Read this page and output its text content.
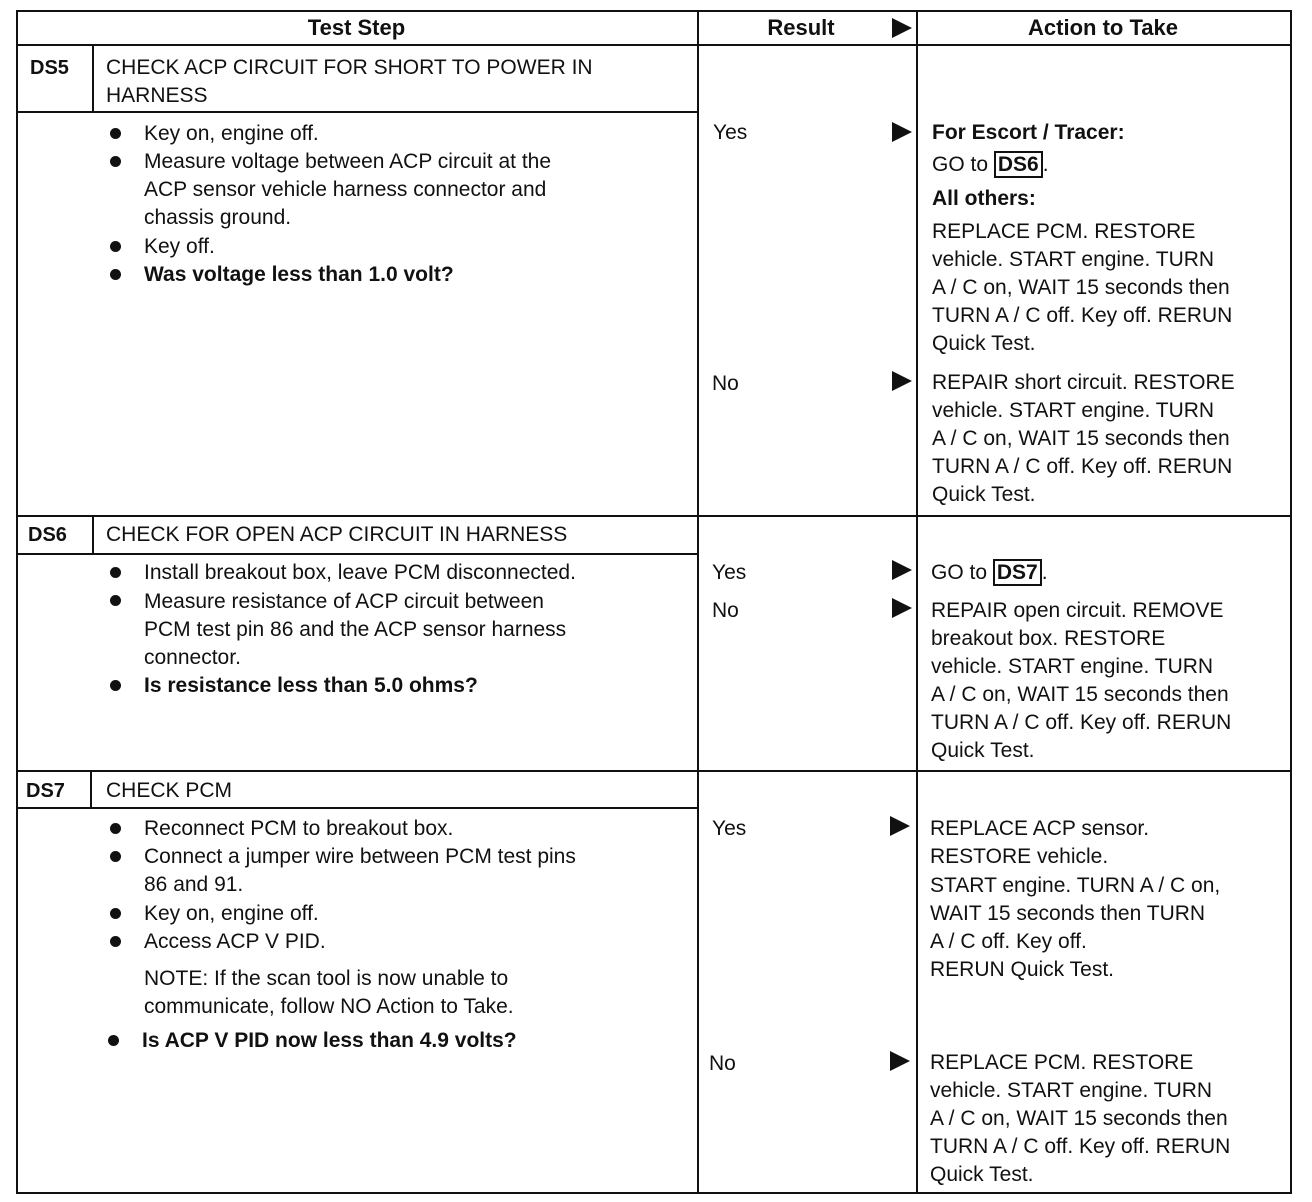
Test Step	Result	Action to Take
DS5 CHECK ACP CIRCUIT FOR SHORT TO POWER IN
HARNESS
Key on, engine off.
Measure voltage between ACP circuit at the
ACP sensor vehicle harness connector and
chassis ground.
Key off.
Was voltage less than 1.0 volt?
Yes	For Escort / Tracer:
GO to DS6 .
All others:
REPLACE PCM. RESTORE
vehicle. START engine. TURN
A / C on, WAIT 15 seconds then
TURN A / C off. Key off. RERUN
Quick Test.
No	REPAIR short circuit. RESTORE
vehicle. START engine. TURN
A / C on, WAIT 15 seconds then
TURN A / C off. Key off. RERUN
Quick Test.
DS6 CHECK FOR OPEN ACP CIRCUIT IN HARNESS
Install breakout box, leave PCM disconnected.
Measure resistance of ACP circuit between
PCM test pin 86 and the ACP sensor harness
connector.
Is resistance less than 5.0 ohms?
Yes	GO to DS7 .
No	REPAIR open circuit. REMOVE
breakout box. RESTORE
vehicle. START engine. TURN
A / C on, WAIT 15 seconds then
TURN A / C off. Key off. RERUN
Quick Test.
DS7 CHECK PCM
Reconnect PCM to breakout box.
Connect a jumper wire between PCM test pins
86 and 91.
Key on, engine off.
Access ACP V PID.
NOTE: If the scan tool is now unable to
communicate, follow NO Action to Take.
Is ACP V PID now less than 4.9 volts?
Yes	REPLACE ACP sensor.
RESTORE vehicle.
START engine. TURN A / C on,
WAIT 15 seconds then TURN
A / C off. Key off.
RERUN Quick Test.
No	REPLACE PCM. RESTORE
vehicle. START engine. TURN
A / C on, WAIT 15 seconds then
TURN A / C off. Key off. RERUN
Quick Test.
